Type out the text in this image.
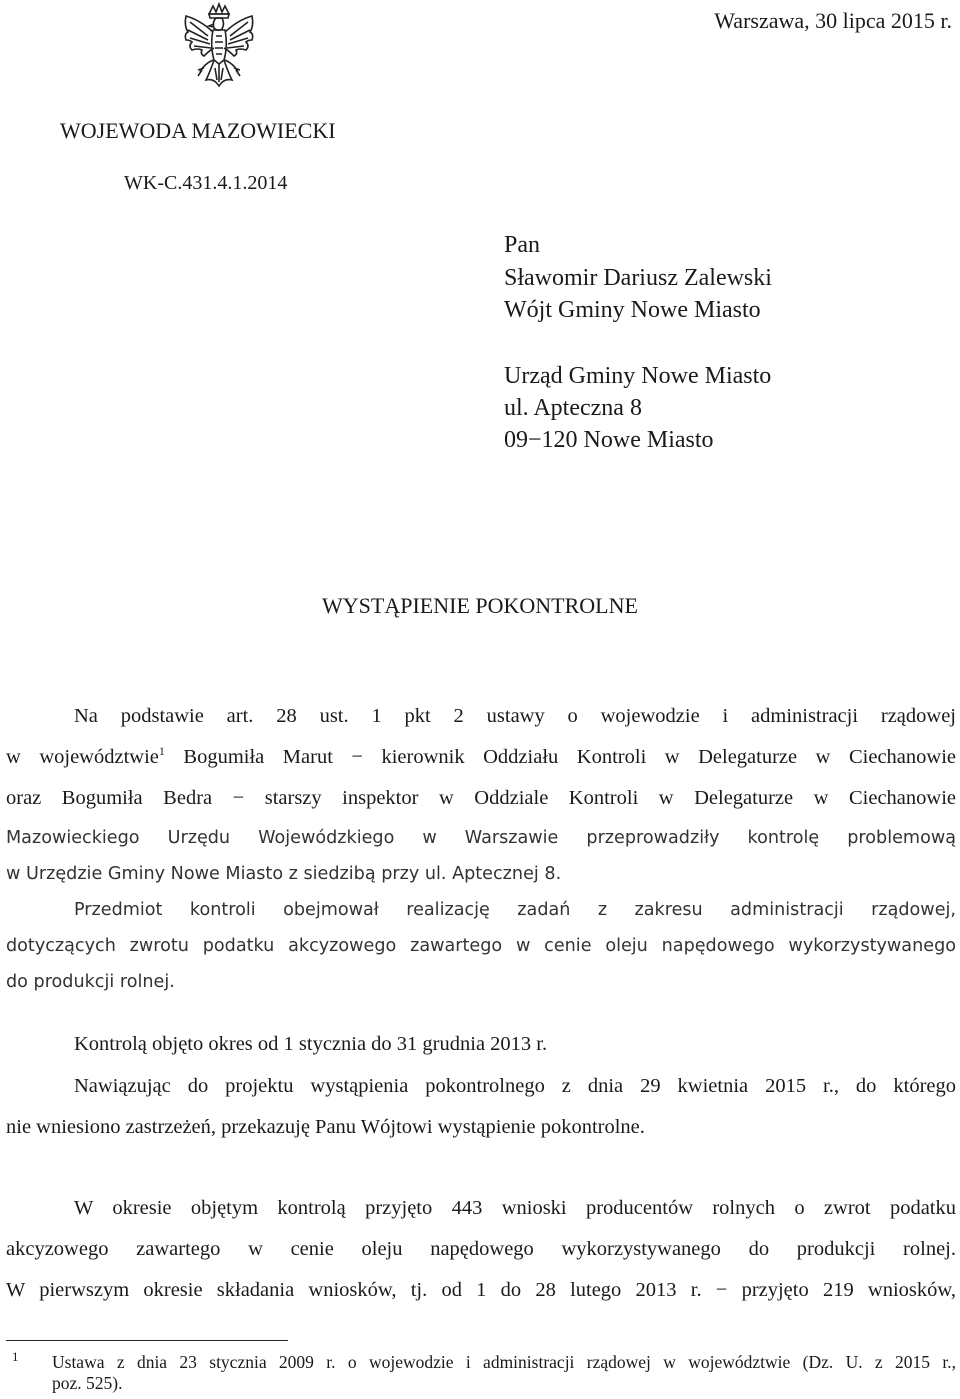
Warszawa, 30 lipca 2015 r.
WOJEWODA MAZOWIECKI
WK-C.431.4.1.2014
Pan
Sławomir Dariusz Zalewski
Wójt Gminy Nowe Miasto
Urząd Gminy Nowe Miasto
ul. Apteczna 8
09−120 Nowe Miasto
WYSTĄPIENIE POKONTROLNE
Na podstawie art. 28 ust. 1 pkt 2 ustawy o wojewodzie i administracji rządowej
w województwie$^1$ Bogumiła Marut − kierownik Oddziału Kontroli w Delegaturze w Ciechanowie
oraz Bogumiła Bedra − starszy inspektor w Oddziale Kontroli w Delegaturze w Ciechanowie
Mazowieckiego Urzędu Wojewódzkiego w Warszawie przeprowadziły kontrolę problemową
w Urzędzie Gminy Nowe Miasto z siedzibą przy ul. Aptecznej 8.
Przedmiot kontroli obejmował realizację zadań z zakresu administracji rządowej,
dotyczących zwrotu podatku akcyzowego zawartego w cenie oleju napędowego wykorzystywanego
do produkcji rolnej.
Kontrolą objęto okres od 1 stycznia do 31 grudnia 2013 r.
Nawiązując do projektu wystąpienia pokontrolnego z dnia 29 kwietnia 2015 r., do którego
nie wniesiono zastrzeżeń, przekazuję Panu Wójtowi wystąpienie pokontrolne.
W okresie objętym kontrolą przyjęto 443 wnioski producentów rolnych o zwrot podatku
akcyzowego zawartego w cenie oleju napędowego wykorzystywanego do produkcji rolnej.
W pierwszym okresie składania wniosków, tj. od 1 do 28 lutego 2013 r. − przyjęto 219 wniosków,
1	Ustawa z dnia 23 stycznia 2009 r. o wojewodzie i administracji rządowej w województwie (Dz. U. z 2015 r.,
poz. 525).
